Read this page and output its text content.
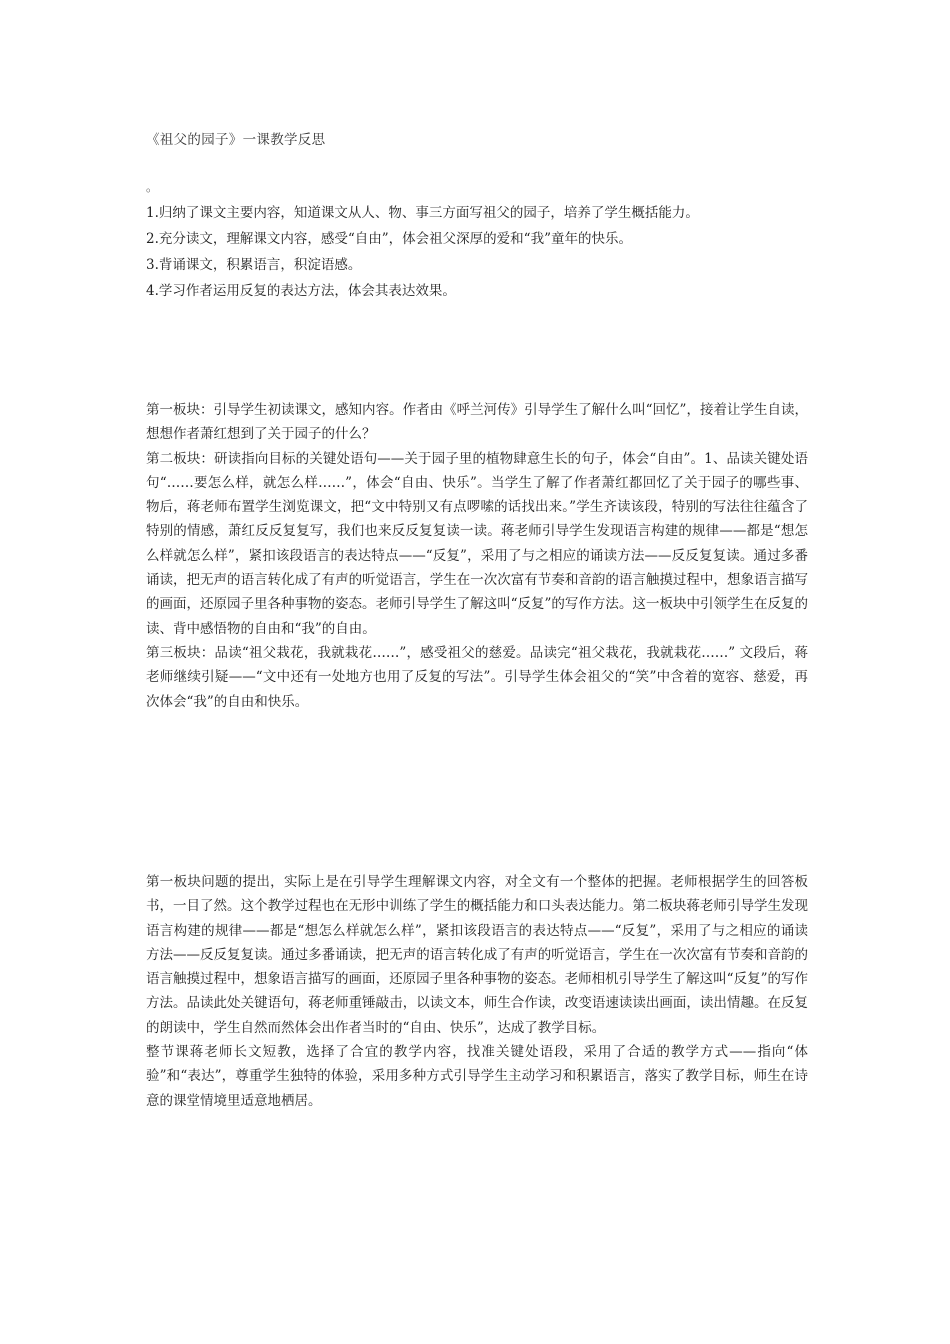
《祖父的园子》一课教学反思
。
1.归纳了课文主要内容，知道课文从人、物、事三方面写祖父的园子，培养了学生概括能力。
2.充分读文，理解课文内容，感受“自由”，体会祖父深厚的爱和“我”童年的快乐。
3.背诵课文，积累语言，积淀语感。
4.学习作者运用反复的表达方法，体会其表达效果。

第一板块：引导学生初读课文，感知内容。作者由《呼兰河传》引导学生了解什么叫“回忆”，接着让学生自读，想想作者萧红想到了关于园子的什么？

第二板块：研读指向目标的关键处语句——关于园子里的植物肆意生长的句子，体会“自由”。1、品读关键处语句“……要怎么样，就怎么样……”，体会“自由、快乐”。当学生了解了作者萧红都回忆了关于园子的哪些事、物后，蒋老师布置学生浏览课文，把“文中特别又有点啰嗦的话找出来。”学生齐读该段，特别的写法往往蕴含了特别的情感，萧红反反复复写，我们也来反反复复读一读。蒋老师引导学生发现语言构建的规律——都是“想怎么样就怎么样”，紧扣该段语言的表达特点——“反复”，采用了与之相应的诵读方法——反反复复读。通过多番诵读，把无声的语言转化成了有声的听觉语言，学生在一次次富有节奏和音韵的语言触摸过程中，想象语言描写的画面，还原园子里各种事物的姿态。老师引导学生了解这叫“反复”的写作方法。这一板块中引领学生在反复的读、背中感悟物的自由和“我”的自由。

第三板块：品读“祖父栽花，我就栽花……”，感受祖父的慈爱。品读完“祖父栽花，我就栽花……” 文段后，蒋老师继续引疑——“文中还有一处地方也用了反复的写法”。引导学生体会祖父的“笑”中含着的宽容、慈爱，再次体会“我”的自由和快乐。

第一板块问题的提出，实际上是在引导学生理解课文内容，对全文有一个整体的把握。老师根据学生的回答板书，一目了然。这个教学过程也在无形中训练了学生的概括能力和口头表达能力。第二板块蒋老师引导学生发现语言构建的规律——都是“想怎么样就怎么样”，紧扣该段语言的表达特点——“反复”，采用了与之相应的诵读方法——反反复复读。通过多番诵读，把无声的语言转化成了有声的听觉语言，学生在一次次富有节奏和音韵的语言触摸过程中，想象语言描写的画面，还原园子里各种事物的姿态。老师相机引导学生了解这叫“反复”的写作方法。品读此处关键语句，蒋老师重锤敲击，以读文本，师生合作读，改变语速读读出画面，读出情趣。在反复的朗读中，学生自然而然体会出作者当时的“自由、快乐”，达成了教学目标。

整节课蒋老师长文短教，选择了合宜的教学内容，找准关键处语段，采用了合适的教学方式——指向“体验”和“表达”，尊重学生独特的体验，采用多种方式引导学生主动学习和积累语言，落实了教学目标，师生在诗意的课堂情境里适意地栖居。
